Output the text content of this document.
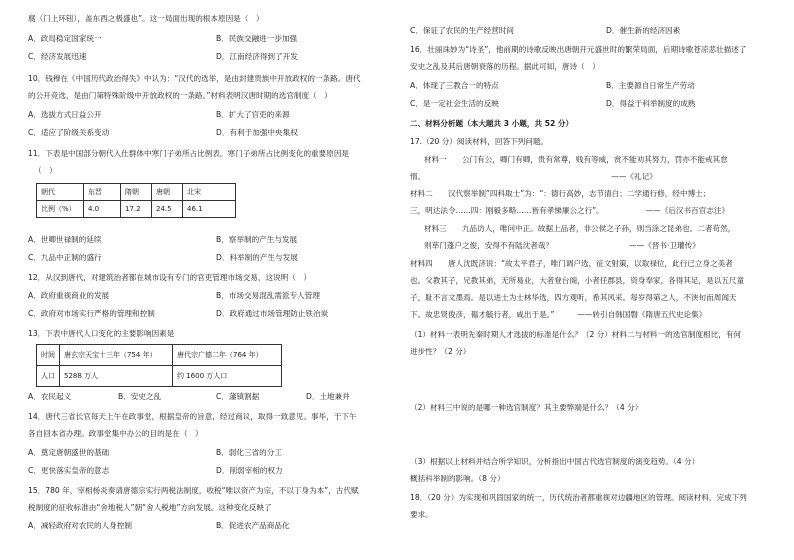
腐（门上环钮），盖东西之极盛也”。这一局面出现的根本原因是（　）
A．政局稳定国家统一	B．民族交融进一步加强
C．经济发展迅速	D．江南经济得到了开发
10．钱穆在《中国历代政治得失》中认为：“汉代的选举，是由封建贵族中开放政权的一条路。唐代
的公开竞选，是由门第特殊阶级中开放政权的一条路。”材料表明汉唐时期的选官制度（　）
A．选拔方式日益公开	B．扩大了官吏的来源
C．适应了阶级关系变动	D．有利于加强中央集权
11．下表是中国部分朝代入仕群体中寒门子弟所占比例表。寒门子弟所占比例变化的重要原因是
（　）
朝代	东晋	隋朝	唐朝	北宋
比例（%）	4.0	17.2	24.5	46.1
A．世卿世禄制的延续	B．察举制的产生与发展
C．九品中正制的盛行	D．科举制的产生与发展
12．从汉到唐代，对建筑治者都在城市设有专门的官吏管理市场交易，这说明（　）
A．政府重视商业的发展	B．市场交易混乱需派专人管理
C．政府对市场实行严格的管理和控制	D．政府通过市场管理防止铁冶炭
13．下表中唐代人口变化的主要影响因素是
时间	唐玄宗天宝十三年（754 年）	唐代宗广德二年（764 年）
人口	5288 万人	约 1600 万人口
A．农民起义	B．安史之乱	C．藩镇割据	D．土地兼并
14．唐代三省长官每天上午在政事堂，根据皇帝的旨意，经过商议，取得一致意见。事毕，于下午
各自回本省办理。政事堂集中办公的目的是在（　）
A．奠定唐朝盛世的基础	B．弱化三省的分工
C．更快落实皇帝的意志	D．削弱宰相的权力
15．780 年，宰相杨炎奏请唐德宗实行两税法制度，收税“唯以资产为宗，不以丁身为本”，古代赋
税制度的征收标准由“舍地税人”朝“舍人税地”方向发展。这种变化反映了
A．减轻政府对农民的人身控制	B．促进农产品商品化
C．保证了农民的生产经营时间	D．催生新的经济因素
16．壮丽诛妙为“诗圣”，他前期的诗歌反映出唐朝开元盛世时的繁荣局面，后期诗歌苍凉悲壮描述了
安史之乱及其后唐朝衰落的历程。据此可知，唐诗（　）
A．体现了三教合一的特点	B．主要源自日常生产劳动
C．是一定社会生活的反映	D．得益于科举制度的成熟
二、材料分析题（本大题共 3 小题，共 52 分）
17.（20 分）阅读材料，回答下列问题。
材料一　　公门有公，卿门有卿，贵有常尊，贱有等威，赏不能劝其努力，罚亦不能戒其怠
惰。　　　　　　　　　　　　　　　　　　　　　　　　　——《礼记》
材料二　　汉代察举制”四科取士”为：“：德行高妙，志节清白；二学通行修，经中博士；
三，明达法令……四：刚毅多略……皆有孝悌廉公之行”。　　　　　　——《后汉书百官志注》
材料三　　九品访人，唯问中正。故据上品者，非公侯之子孙，则当涂之昆弟也。二者苟然，
则荜门蓬户之俊，安得不有陆沈者哉？　　　　　　　　　　——《晋书·卫瓘传》
材料四　　唐人沈既济说：“故太平君子，唯门调户选，征文射策，以取禄位，此行已立身之美者
也。父教其子，兄教其弟，无所易业，大者登台阁，小者任郡县，资身奉家，各得其足，是以五尺童
子，耻不言文墨焉。是以进士为士林华选，四方观听，希其风采。每岁得第之人，不浃旬而周闻天
下。故忠贤俊彦，韫才毓行者，咸出于是。”　　　——转引自韩国磐《隋唐五代史论集》
（1）材料一表明先秦时期人才选拔的标准是什么？（2 分）材料二与材料一的选官制度相比，有何
进步性？（2 分）
（2）材料三中说的是哪一种选官制度？其主要弊端是什么？（4 分）
（3）根据以上材料并结合所学知识，分析指出中国古代选官制度的演变趋势。（4 分）
概括科举制的影响。（8 分）
18．（20 分）为实现和巩固国家的统一，历代统治者都重视对边疆地区的管理。阅读材料，完成下列
要求。
